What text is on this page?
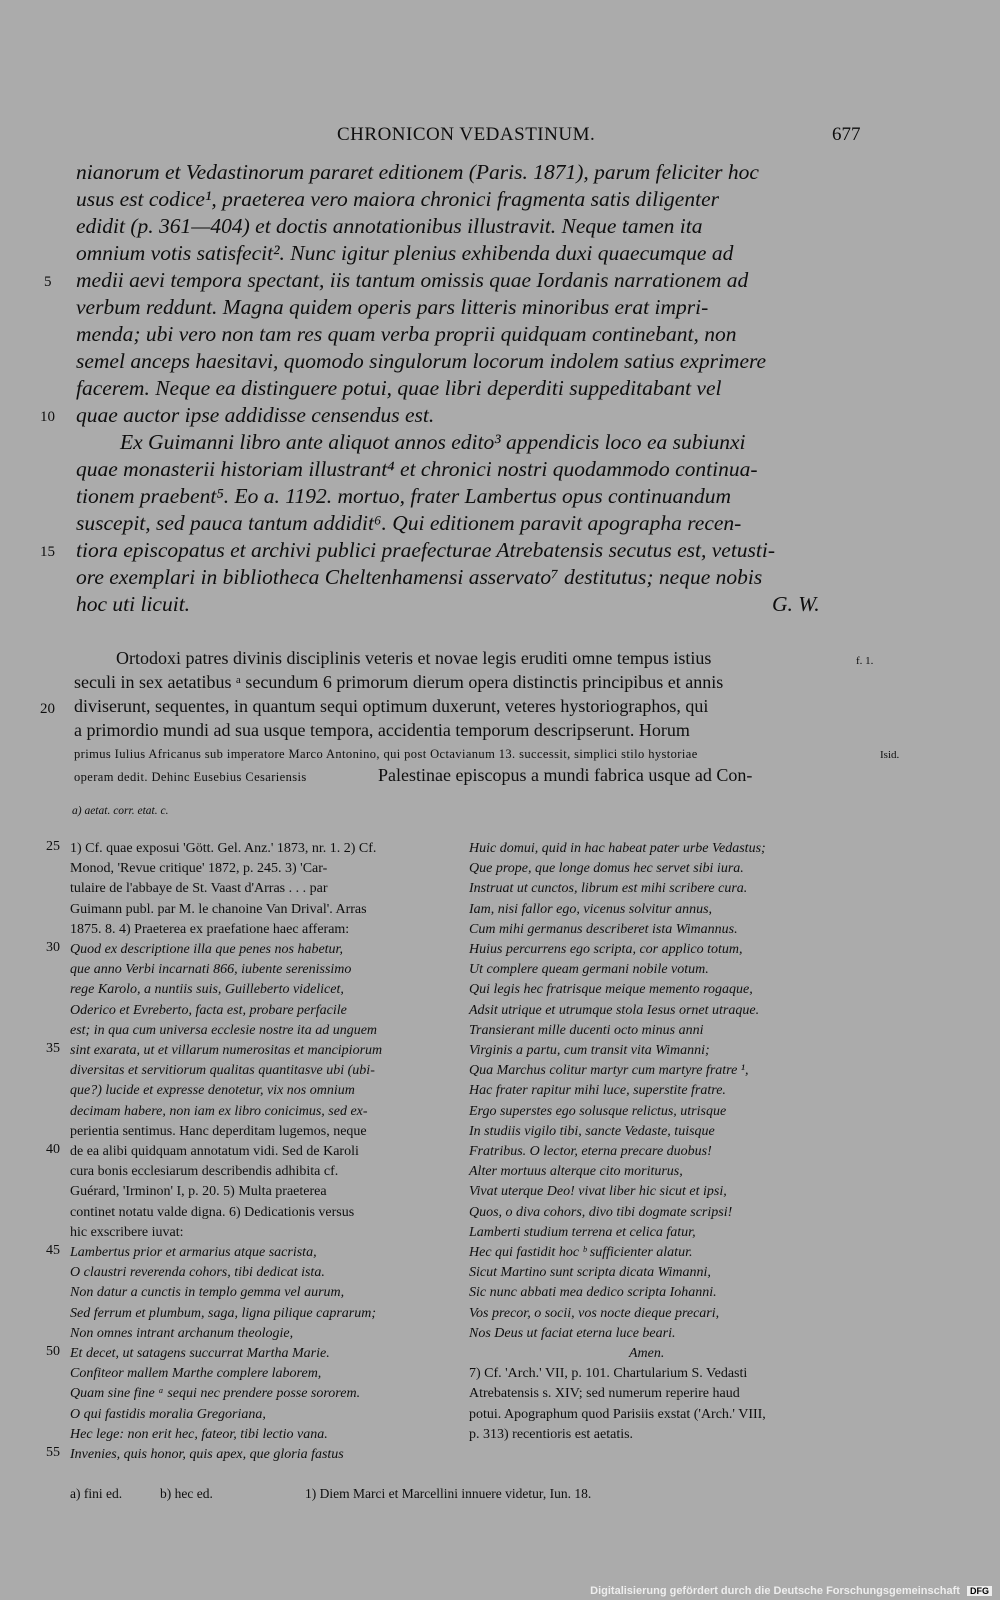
CHRONICON VEDASTINUM.	677
nianorum et Vedastinorum pararet editionem (Paris. 1871), parum feliciter hoc
usus est codice¹, praeterea vero maiora chronici fragmenta satis diligenter
edidit (p. 361—404) et doctis annotationibus illustravit. Neque tamen ita
omnium votis satisfecit². Nunc igitur plenius exhibenda duxi quaecumque ad
medii aevi tempora spectant, iis tantum omissis quae Iordanis narrationem ad
verbum reddunt. Magna quidem operis pars litteris minoribus erat impri-
menda; ubi vero non tam res quam verba proprii quidquam continebant, non
semel anceps haesitavi, quomodo singulorum locorum indolem satius exprimere
facerem. Neque ea distinguere potui, quae libri deperditi suppeditabant vel
quae auctor ipse addidisse censendus est.
Ex Guimanni libro ante aliquot annos edito³ appendicis loco ea subiunxi
quae monasterii historiam illustrant⁴ et chronici nostri quodammodo continua-
tionem praebent⁵. Eo a. 1192. mortuo, frater Lambertus opus continuandum
suscepit, sed pauca tantum addidit⁶. Qui editionem paravit apographa recen-
tiora episcopatus et archivi publici praefecturae Atrebatensis secutus est, vetusti-
ore exemplari in bibliotheca Cheltenhamensi asservato⁷ destitutus; neque nobis
hoc uti licuit.	G. W.
5
10
15
Ortodoxi patres divinis disciplinis veteris et novae legis eruditi omne tempus istius
seculi in sex aetatibus ᵃ secundum 6 primorum dierum opera distinctis principibus et annis
diviserunt, sequentes, in quantum sequi optimum duxerunt, veteres hystoriographos, qui
a primordio mundi ad sua usque tempora, accidentia temporum descripserunt. Horum
primus Iulius Africanus sub imperatore Marco Antonino, qui post Octavianum 13. successit, simplici stilo hystoriae
operam dedit. Dehinc Eusebius Cesariensis	Palestinae episcopus a mundi fabrica usque ad Con-
20
f. 1.
Isid.
a) aetat. corr. etat. c.
1) Cf. quae exposui 'Gött. Gel. Anz.' 1873, nr. 1. 2) Cf.
Monod, 'Revue critique' 1872, p. 245. 3) 'Car-
tulaire de l'abbaye de St. Vaast d'Arras . . . par
Guimann publ. par M. le chanoine Van Drival'. Arras
1875. 8. 4) Praeterea ex praefatione haec afferam:
Quod ex descriptione illa que penes nos habetur,
que anno Verbi incarnati 866, iubente serenissimo
rege Karolo, a nuntiis suis, Guilleberto videlicet,
Oderico et Evreberto, facta est, probare perfacile
est; in qua cum universa ecclesie nostre ita ad unguem
sint exarata, ut et villarum numerositas et mancipiorum
diversitas et servitiorum qualitas quantitasve ubi (ubi-
que?) lucide et expresse denotetur, vix nos omnium
decimam habere, non iam ex libro conicimus, sed ex-
perientia sentimus. Hanc deperditam lugemos, neque
de ea alibi quidquam annotatum vidi. Sed de Karoli
cura bonis ecclesiarum describendis adhibita cf.
Guérard, 'Irminon' I, p. 20. 5) Multa praeterea
continet notatu valde digna. 6) Dedicationis versus
hic exscribere iuvat:
Lambertus prior et armarius atque sacrista,
O claustri reverenda cohors, tibi dedicat ista.
Non datur a cunctis in templo gemma vel aurum,
Sed ferrum et plumbum, saga, ligna pilique caprarum;
Non omnes intrant archanum theologie,
Et decet, ut satagens succurrat Martha Marie.
Confiteor mallem Marthe complere laborem,
Quam sine fine ᵃ sequi nec prendere posse sororem.
O qui fastidis moralia Gregoriana,
Hec lege: non erit hec, fateor, tibi lectio vana.
Invenies, quis honor, quis apex, que gloria fastus
Huic domui, quid in hac habeat pater urbe Vedastus;
Que prope, que longe domus hec servet sibi iura.
Instruat ut cunctos, librum est mihi scribere cura.
Iam, nisi fallor ego, vicenus solvitur annus,
Cum mihi germanus describeret ista Wimannus.
Huius percurrens ego scripta, cor applico totum,
Ut complere queam germani nobile votum.
Qui legis hec fratrisque meique memento rogaque,
Adsit utrique et utrumque stola Iesus ornet utraque.
Transierant mille ducenti octo minus anni
Virginis a partu, cum transit vita Wimanni;
Qua Marchus colitur martyr cum martyre fratre ¹,
Hac frater rapitur mihi luce, superstite fratre.
Ergo superstes ego solusque relictus, utrisque
In studiis vigilo tibi, sancte Vedaste, tuisque
Fratribus. O lector, eterna precare duobus!
Alter mortuus alterque cito moriturus,
Vivat uterque Deo! vivat liber hic sicut et ipsi,
Quos, o diva cohors, divo tibi dogmate scripsi!
Lamberti studium terrena et celica fatur,
Hec qui fastidit hoc ᵇ sufficienter alatur.
Sicut Martino sunt scripta dicata Wimanni,
Sic nunc abbati mea dedico scripta Iohanni.
Vos precor, o socii, vos nocte dieque precari,
Nos Deus ut faciat eterna luce beari.
Amen.
7) Cf. 'Arch.' VII, p. 101. Chartularium S. Vedasti
Atrebatensis s. XIV; sed numerum reperire haud
potui. Apographum quod Parisiis exstat ('Arch.' VIII,
p. 313) recentioris est aetatis.
a) fini ed.	b) hec ed.	1) Diem Marci et Marcellini innuere videtur, Iun. 18.
25
30
35
40
45
50
55
Digitalisierung gefördert durch die Deutsche Forschungsgemeinschaft DFG
